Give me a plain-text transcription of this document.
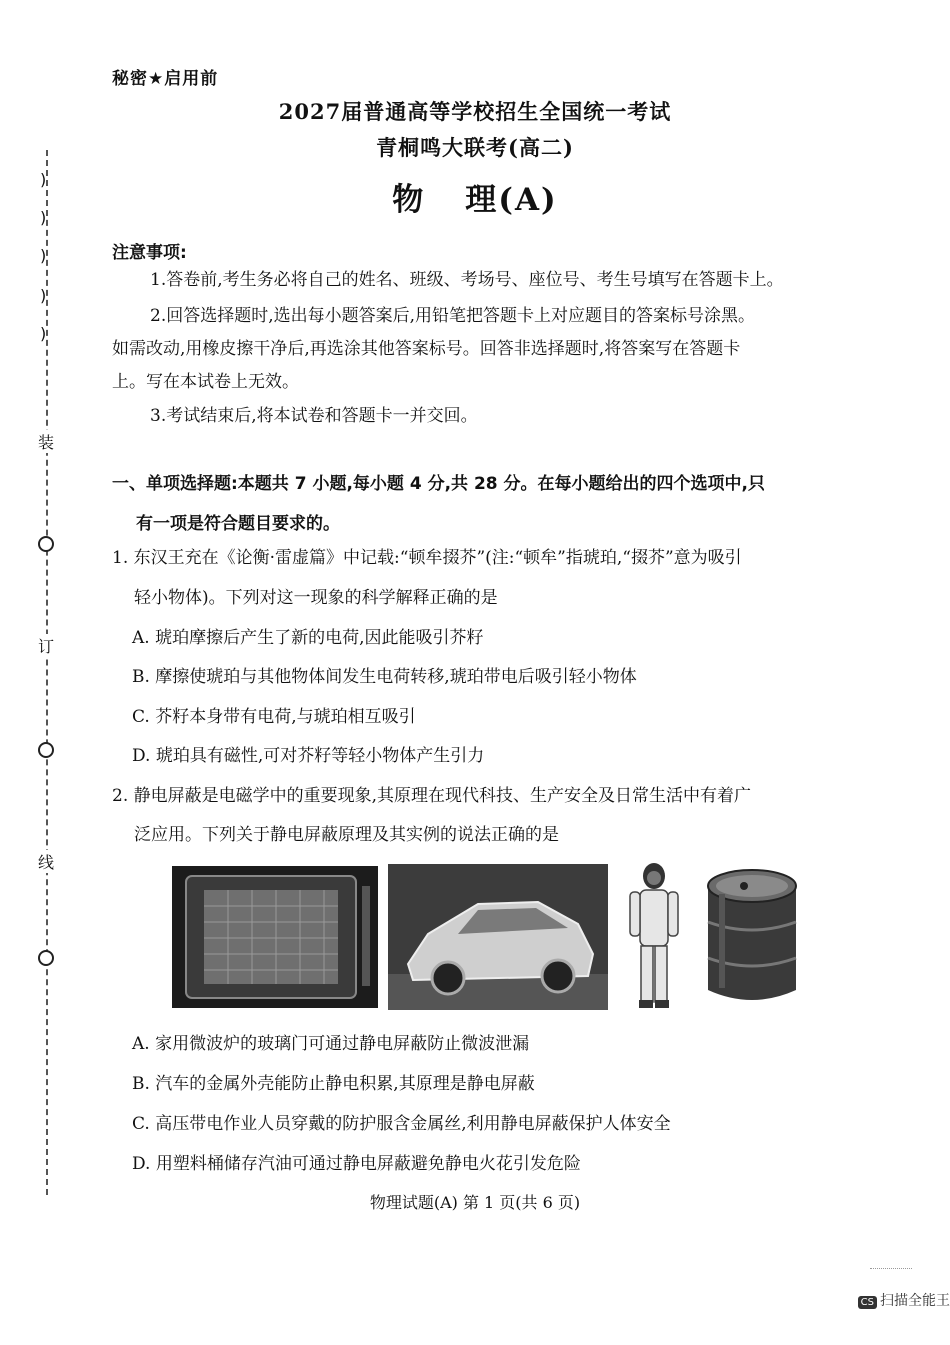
)
)
)
)
)
装
订
线
秘密★启用前
2027届普通高等学校招生全国统一考试
青桐鸣大联考(高二)
物 理(A)
注意事项:
1.答卷前,考生务必将自己的姓名、班级、考场号、座位号、考生号填写在答题卡上。
2.回答选择题时,选出每小题答案后,用铅笔把答题卡上对应题目的答案标号涂黑。
如需改动,用橡皮擦干净后,再选涂其他答案标号。回答非选择题时,将答案写在答题卡
上。写在本试卷上无效。
3.考试结束后,将本试卷和答题卡一并交回。
一、单项选择题:本题共 7 小题,每小题 4 分,共 28 分。在每小题给出的四个选项中,只
有一项是符合题目要求的。
1. 东汉王充在《论衡·雷虚篇》中记载:“顿牟掇芥”(注:“顿牟”指琥珀,“掇芥”意为吸引
轻小物体)。下列对这一现象的科学解释正确的是
A. 琥珀摩擦后产生了新的电荷,因此能吸引芥籽
B. 摩擦使琥珀与其他物体间发生电荷转移,琥珀带电后吸引轻小物体
C. 芥籽本身带有电荷,与琥珀相互吸引
D. 琥珀具有磁性,可对芥籽等轻小物体产生引力
2. 静电屏蔽是电磁学中的重要现象,其原理在现代科技、生产安全及日常生活中有着广
泛应用。下列关于静电屏蔽原理及其实例的说法正确的是
A. 家用微波炉的玻璃门可通过静电屏蔽防止微波泄漏
B. 汽车的金属外壳能防止静电积累,其原理是静电屏蔽
C. 高压带电作业人员穿戴的防护服含金属丝,利用静电屏蔽保护人体安全
D. 用塑料桶储存汽油可通过静电屏蔽避免静电火花引发危险
物理试题(A) 第 1 页(共 6 页)
CS 扫描全能王
